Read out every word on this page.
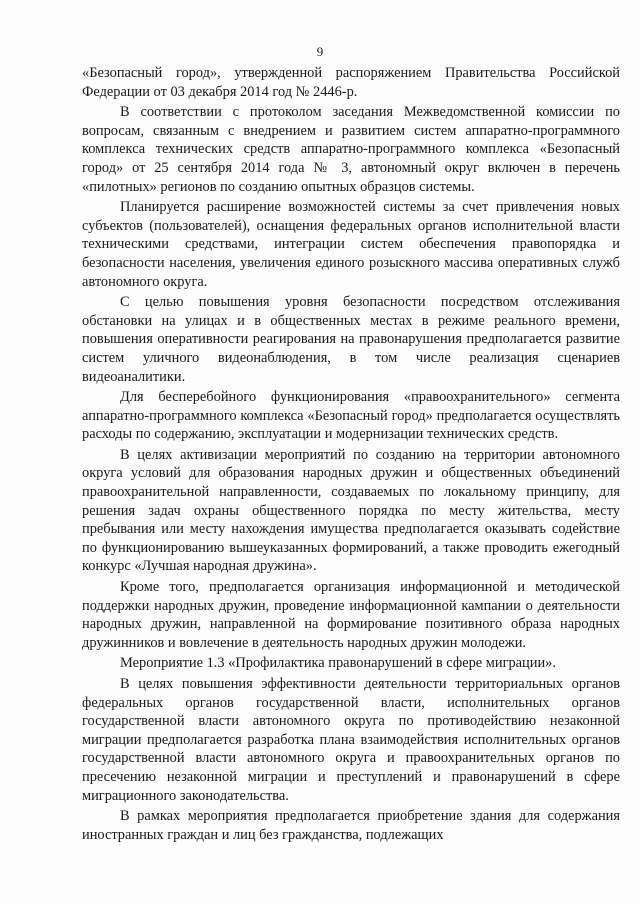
9

«Безопасный город», утвержденной распоряжением Правительства Российской Федерации от 03 декабря 2014 год № 2446-р.

В соответствии с протоколом заседания Межведомственной комиссии по вопросам, связанным с внедрением и развитием систем аппаратно-программного комплекса технических средств аппаратно-программного комплекса «Безопасный город» от 25 сентября 2014 года № 3, автономный округ включен в перечень «пилотных» регионов по созданию опытных образцов системы.

Планируется расширение возможностей системы за счет привлечения новых субъектов (пользователей), оснащения федеральных органов исполнительной власти техническими средствами, интеграции систем обеспечения правопорядка и безопасности населения, увеличения единого розыскного массива оперативных служб автономного округа.

С целью повышения уровня безопасности посредством отслеживания обстановки на улицах и в общественных местах в режиме реального времени, повышения оперативности реагирования на правонарушения предполагается развитие систем уличного видеонаблюдения, в том числе реализация сценариев видеоаналитики.

Для бесперебойного функционирования «правоохранительного» сегмента аппаратно-программного комплекса «Безопасный город» предполагается осуществлять расходы по содержанию, эксплуатации и модернизации технических средств.

В целях активизации мероприятий по созданию на территории автономного округа условий для образования народных дружин и общественных объединений правоохранительной направленности, создаваемых по локальному принципу, для решения задач охраны общественного порядка по месту жительства, месту пребывания или месту нахождения имущества предполагается оказывать содействие по функционированию вышеуказанных формирований, а также проводить ежегодный конкурс «Лучшая народная дружина».

Кроме того, предполагается организация информационной и методической поддержки народных дружин, проведение информационной кампании о деятельности народных дружин, направленной на формирование позитивного образа народных дружинников и вовлечение в деятельность народных дружин молодежи.

Мероприятие 1.3 «Профилактика правонарушений в сфере миграции».

В целях повышения эффективности деятельности территориальных органов федеральных органов государственной власти, исполнительных органов государственной власти автономного округа по противодействию незаконной миграции предполагается разработка плана взаимодействия исполнительных органов государственной власти автономного округа и правоохранительных органов по пресечению незаконной миграции и преступлений и правонарушений в сфере миграционного законодательства.

В рамках мероприятия предполагается приобретение здания для содержания иностранных граждан и лиц без гражданства, подлежащих
